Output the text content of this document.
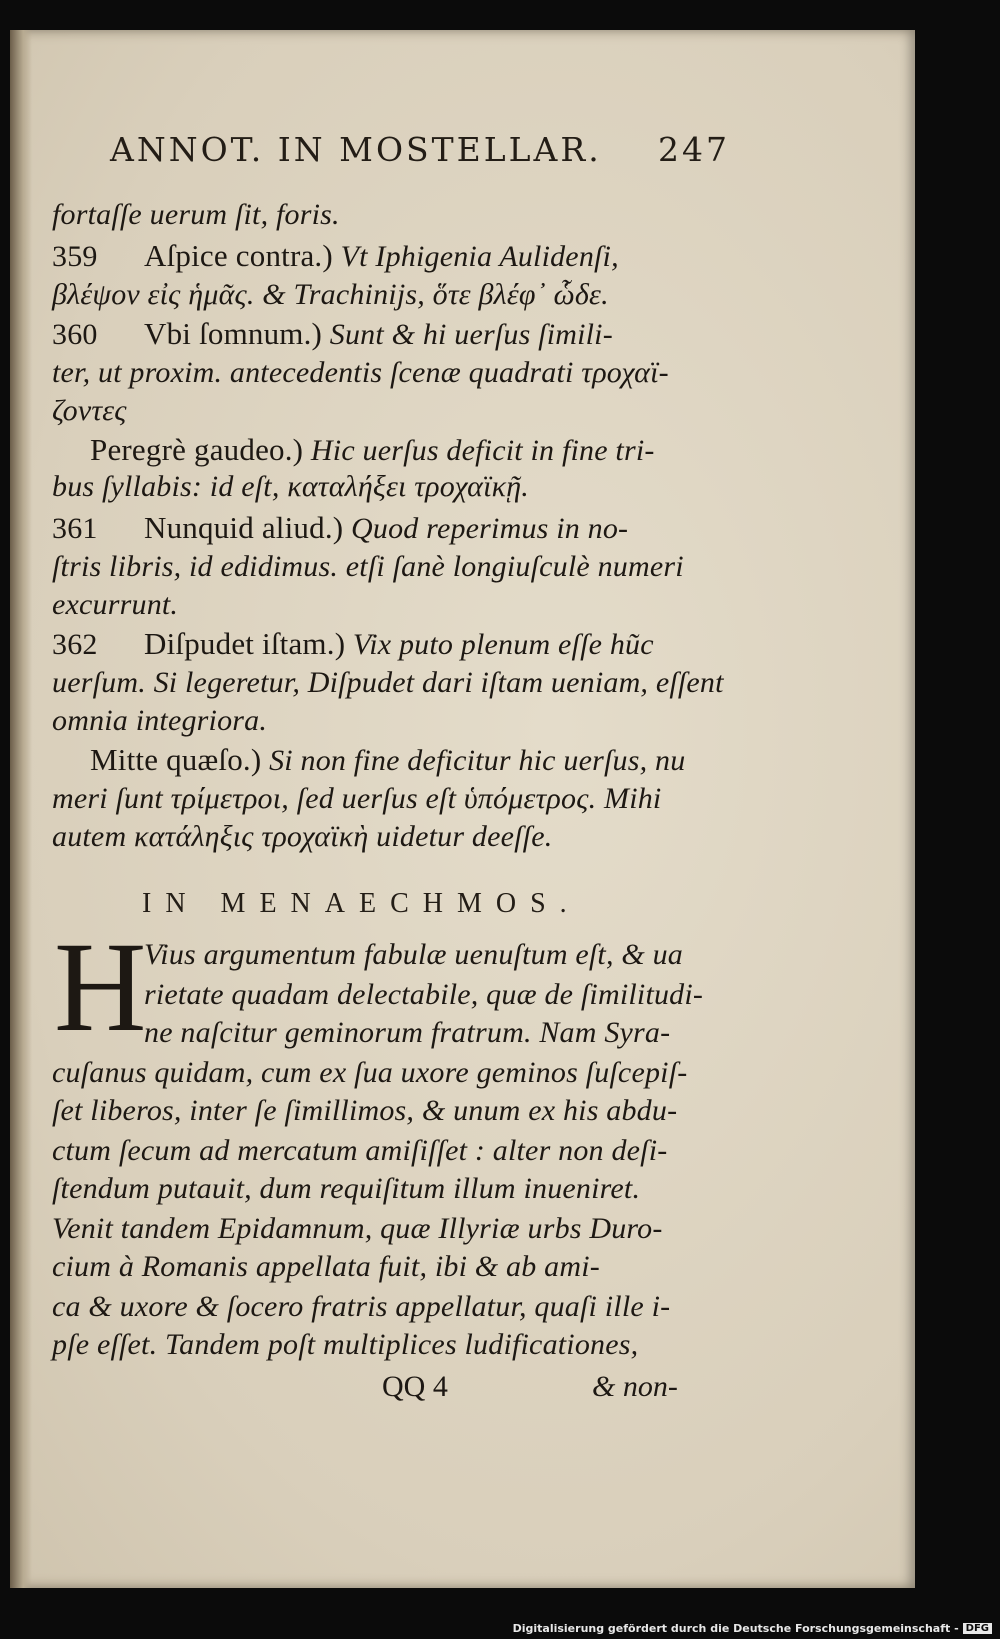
ANNOT. IN MOSTELLAR. 247
fortaſſe uerum ſit, foris.
359 Aſpice contra.) Vt Iphigenia Aulidenſi,
βλέψον εἰς ἡμᾶς. & Trachinijs, ὅτε βλέφ᾽ ὧδε.
360 Vbi ſomnum.) Sunt & hi uerſus ſimili-
ter, ut proxim. antecedentis ſcenæ quadrati τροχαϊ-
ζοντες
Peregrè gaudeo.) Hic uerſus deficit in fine tri-
bus ſyllabis: id eſt, καταλήξει τροχαϊκῇ.
361 Nunquid aliud.) Quod reperimus in no-
ſtris libris, id edidimus. etſi ſanè longiuſculè numeri
excurrunt.
362 Diſpudet iſtam.) Vix puto plenum eſſe hũc
uerſum. Si legeretur, Diſpudet dari iſtam ueniam, eſſent
omnia integriora.
Mitte quæſo.) Si non fine deficitur hic uerſus, nu
meri ſunt τρίμετροι, ſed uerſus eſt ὑπόμετρος. Mihi
autem κατάληξις τροχαϊκὴ uidetur deeſſe.
IN MENAECHMOS.
H
Vius argumentum fabulæ uenuſtum eſt, & ua
rietate quadam delectabile, quæ de ſimilitudi-
ne naſcitur geminorum fratrum. Nam Syra-
cuſanus quidam, cum ex ſua uxore geminos ſuſcepiſ-
ſet liberos, inter ſe ſimillimos, & unum ex his abdu-
ctum ſecum ad mercatum amiſiſſet : alter non deſi-
ſtendum putauit, dum requiſitum illum inueniret.
Venit tandem Epidamnum, quæ Illyriæ urbs Duro-
cium à Romanis appellata fuit, ibi & ab ami-
ca & uxore & ſocero fratris appellatur, quaſi ille i-
pſe eſſet. Tandem poſt multiplices ludificationes,
QQ 4	& non-
Digitalisierung gefördert durch die Deutsche Forschungsgemeinschaft - DFG
